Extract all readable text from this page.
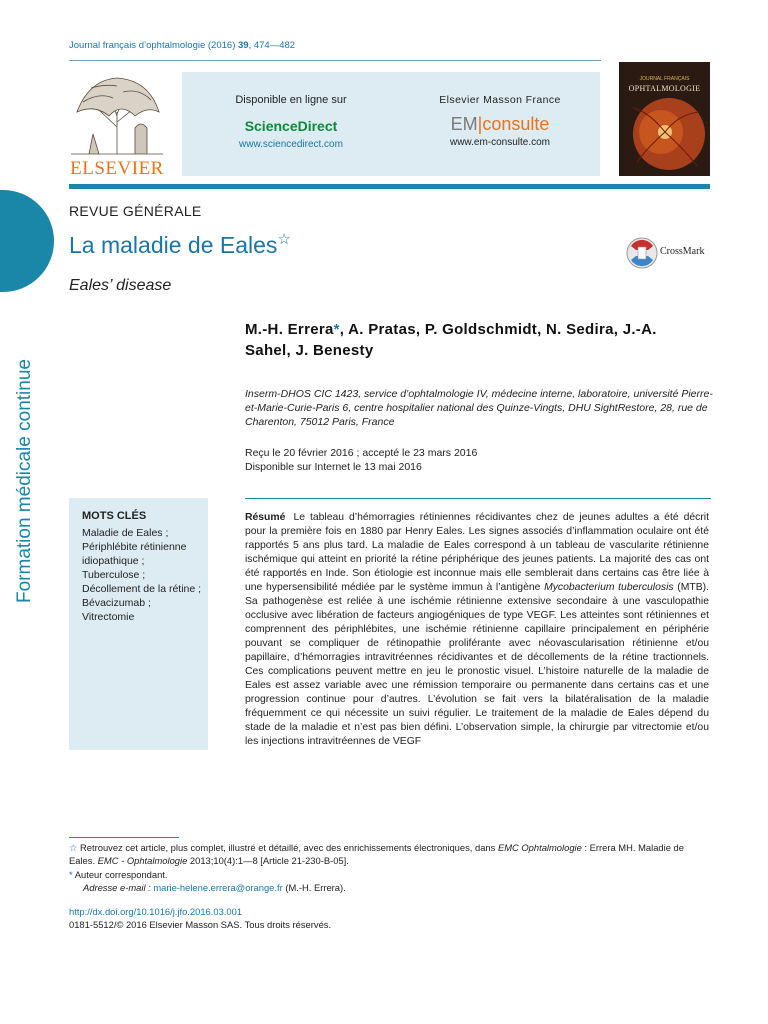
Journal français d’ophtalmologie (2016) 39, 474—482
ELSEVIER
Disponible en ligne sur
ScienceDirect
www.sciencedirect.com
Elsevier Masson France
EM|consulte
www.em-consulte.com
JOURNAL FRANÇAIS
OPHTALMOLOGIE
Formation médicale continue
REVUE GÉNÉRALE
La maladie de Eales☆
CrossMark
Eales’ disease
M.-H. Errera*, A. Pratas, P. Goldschmidt, N. Sedira, J.-A. Sahel, J. Benesty
Inserm-DHOS CIC 1423, service d’ophtalmologie IV, médecine interne, laboratoire, université Pierre-et-Marie-Curie-Paris 6, centre hospitalier national des Quinze-Vingts, DHU SightRestore, 28, rue de Charenton, 75012 Paris, France
Reçu le 20 février 2016 ; accepté le 23 mars 2016
Disponible sur Internet le 13 mai 2016
MOTS CLÉS
Maladie de Eales ;
Périphlébite rétinienne idiopathique ;
Tuberculose ;
Décollement de la rétine ;
Bévacizumab ;
Vitrectomie
Résumé Le tableau d’hémorragies rétiniennes récidivantes chez de jeunes adultes a été décrit pour la première fois en 1880 par Henry Eales. Les signes associés d’inflammation oculaire ont été rapportés 5 ans plus tard. La maladie de Eales correspond à un tableau de vascularite rétinienne ischémique qui atteint en priorité la rétine périphérique des jeunes patients. La majorité des cas ont été rapportés en Inde. Son étiologie est inconnue mais elle semblerait dans certains cas être liée à une hypersensibilité médiée par le système immun à l’antigène Mycobacterium tuberculosis (MTB). Sa pathogenèse est reliée à une ischémie rétinienne extensive secondaire à une vasculopathie occlusive avec libération de facteurs angiogéniques de type VEGF. Les atteintes sont rétiniennes et comprennent des périphlébites, une ischémie rétinienne capillaire principalement en périphérie pouvant se compliquer de rétinopathie proliférante avec néovascularisation rétinienne et/ou papillaire, d’hémorragies intravitréennes récidivantes et de décollements de la rétine tractionnels. Ces complications peuvent mettre en jeu le pronostic visuel. L’histoire naturelle de la maladie de Eales est assez variable avec une rémission temporaire ou permanente dans certains cas et une progression continue pour d’autres. L’évolution se fait vers la bilatéralisation de la maladie fréquemment ce qui nécessite un suivi régulier. Le traitement de la maladie de Eales dépend du stade de la maladie et n’est pas bien défini. L’observation simple, la chirurgie par vitrectomie et/ou les injections intravitréennes de VEGF
☆ Retrouvez cet article, plus complet, illustré et détaillé, avec des enrichissements électroniques, dans EMC Ophtalmologie : Errera MH. Maladie de Eales. EMC - Ophtalmologie 2013;10(4):1—8 [Article 21-230-B-05].
* Auteur correspondant.
Adresse e-mail : marie-helene.errera@orange.fr (M.-H. Errera).
http://dx.doi.org/10.1016/j.jfo.2016.03.001
0181-5512/© 2016 Elsevier Masson SAS. Tous droits réservés.
